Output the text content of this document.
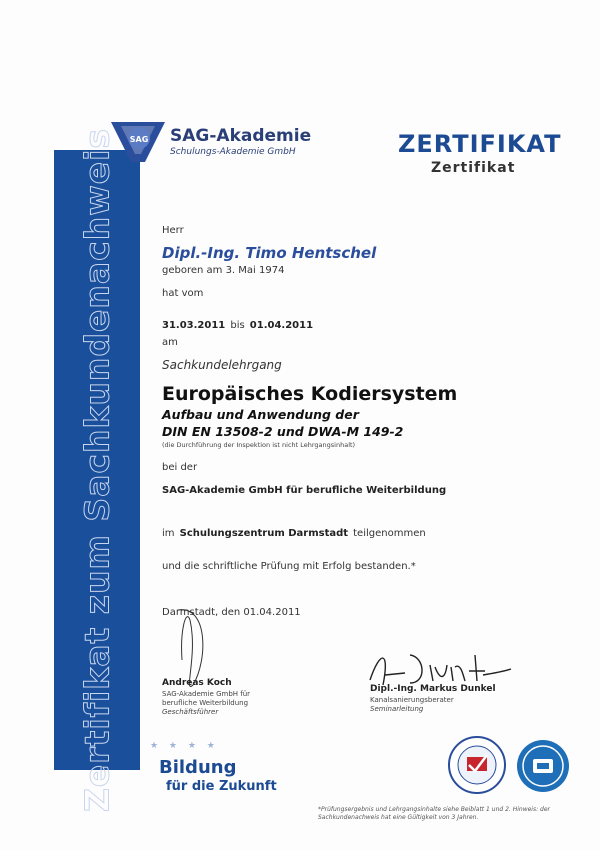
Zertifikat zum Sachkundenachweis SAG SAG-Akademie
Schulungs-Akademie GmbH	ZERTIFIKAT
Zertifikat
Herr
Dipl.-Ing. Timo Hentschel
geboren am 3. Mai 1974
hat vom
31.03.2011 bis 01.04.2011
am
Sachkundelehrgang
Europäisches Kodiersystem
Aufbau und Anwendung der
DIN EN 13508-2 und DWA-M 149-2
(die Durchführung der Inspektion ist nicht Lehrgangsinhalt)
bei der
SAG-Akademie GmbH für berufliche Weiterbildung
im Schulungszentrum Darmstadt teilgenommen
und die schriftliche Prüfung mit Erfolg bestanden.*
Darmstadt, den 01.04.2011
Andreas Koch
SAG-Akademie GmbH für
berufliche Weiterbildung
Geschäftsführer
Dipl.-Ing. Markus Dunkel
Kanalsanierungsberater
Seminarleitung
★ ★ ★ ★
Bildung
für die Zukunft
*Prüfungsergebnis und Lehrgangsinhalte siehe Beiblatt 1 und 2. Hinweis: der Sachkundenachweis hat eine Gültigkeit von 3 Jahren.
